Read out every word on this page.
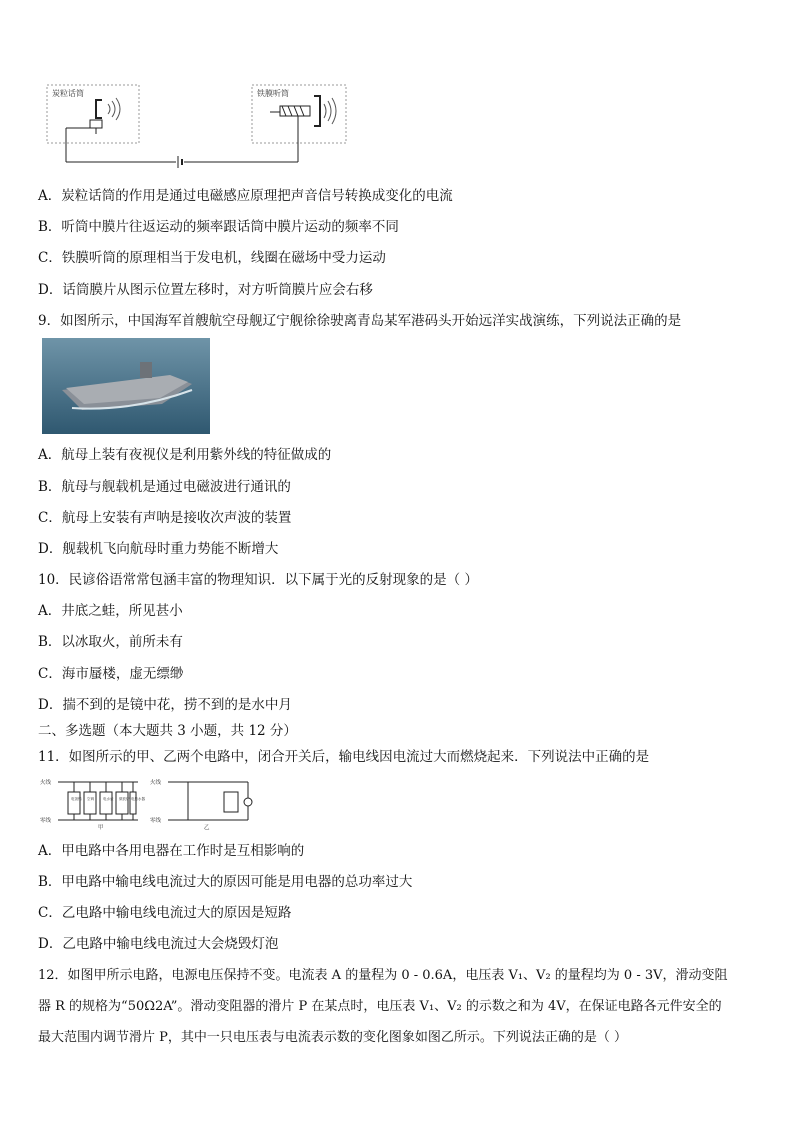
炭粒话筒	铁膜听筒
A．炭粒话筒的作用是通过电磁感应原理把声音信号转换成变化的电流
B．听筒中膜片往返运动的频率跟话筒中膜片运动的频率不同
C．铁膜听筒的原理相当于发电机，线圈在磁场中受力运动
D．话筒膜片从图示位置左移时，对方听筒膜片应会右移
9．如图所示，中国海军首艘航空母舰辽宁舰徐徐驶离青岛某军港码头开始远洋实战演练，下列说法正确的是
A．航母上装有夜视仪是利用紫外线的特征做成的
B．航母与舰载机是通过电磁波进行通讯的
C．航母上安装有声呐是接收次声波的装置
D．舰载机飞向航母时重力势能不断增大
10．民谚俗语常常包涵丰富的物理知识．以下属于光的反射现象的是（ ）
A．井底之蛙，所见甚小
B．以冰取火，前所未有
C．海市蜃楼，虚无缥缈
D．揣不到的是镜中花，捞不到的是水中月
二、多选题（本大题共 3 小题，共 12 分）
11．如图所示的甲、乙两个电路中，闭合开关后，输电线因电流过大而燃烧起来．下列说法中正确的是
火线
零线
电饭锅 空调	电水壶 微波炉 电热水器
甲
火线
零线
乙
A．甲电路中各用电器在工作时是互相影响的
B．甲电路中输电线电流过大的原因可能是用电器的总功率过大
C．乙电路中输电线电流过大的原因是短路
D．乙电路中输电线电流过大会烧毁灯泡
12．如图甲所示电路，电源电压保持不变。电流表 A 的量程为 0 - 0.6A，电压表 V₁、V₂ 的量程均为 0 - 3V，滑动变阻
器 R 的规格为“50Ω2A”。滑动变阻器的滑片 P 在某点时，电压表 V₁、V₂ 的示数之和为 4V，在保证电路各元件安全的
最大范围内调节滑片 P，其中一只电压表与电流表示数的变化图象如图乙所示。下列说法正确的是（ ）
